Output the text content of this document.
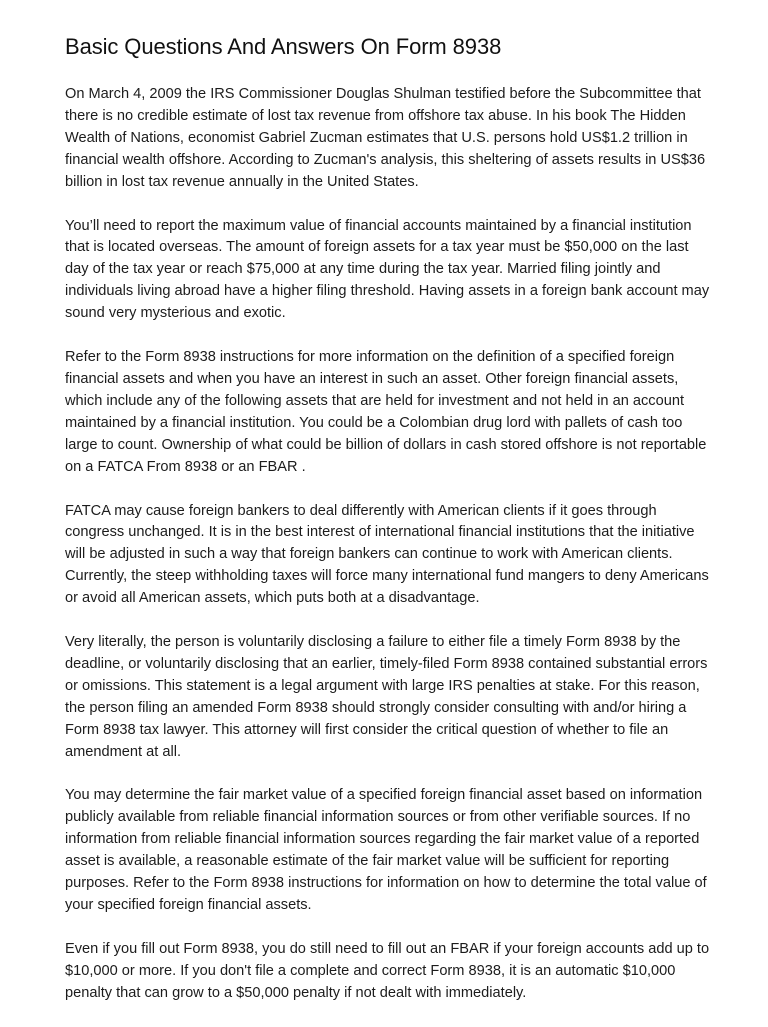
Basic Questions And Answers On Form 8938

On March 4, 2009 the IRS Commissioner Douglas Shulman testified before the Subcommittee that there is no credible estimate of lost tax revenue from offshore tax abuse. In his book The Hidden Wealth of Nations, economist Gabriel Zucman estimates that U.S. persons hold US$1.2 trillion in financial wealth offshore. According to Zucman's analysis, this sheltering of assets results in US$36 billion in lost tax revenue annually in the United States.

You’ll need to report the maximum value of financial accounts maintained by a financial institution that is located overseas. The amount of foreign assets for a tax year must be $50,000 on the last day of the tax year or reach $75,000 at any time during the tax year. Married filing jointly and individuals living abroad have a higher filing threshold. Having assets in a foreign bank account may sound very mysterious and exotic.

Refer to the Form 8938 instructions for more information on the definition of a specified foreign financial assets and when you have an interest in such an asset. Other foreign financial assets, which include any of the following assets that are held for investment and not held in an account maintained by a financial institution. You could be a Colombian drug lord with pallets of cash too large to count. Ownership of what could be billion of dollars in cash stored offshore is not reportable on a FATCA From 8938 or an FBAR .

FATCA may cause foreign bankers to deal differently with American clients if it goes through congress unchanged. It is in the best interest of international financial institutions that the initiative will be adjusted in such a way that foreign bankers can continue to work with American clients. Currently, the steep withholding taxes will force many international fund mangers to deny Americans or avoid all American assets, which puts both at a disadvantage.

Very literally, the person is voluntarily disclosing a failure to either file a timely Form 8938 by the deadline, or voluntarily disclosing that an earlier, timely-filed Form 8938 contained substantial errors or omissions. This statement is a legal argument with large IRS penalties at stake. For this reason, the person filing an amended Form 8938 should strongly consider consulting with and/or hiring a Form 8938 tax lawyer. This attorney will first consider the critical question of whether to file an amendment at all.

You may determine the fair market value of a specified foreign financial asset based on information publicly available from reliable financial information sources or from other verifiable sources. If no information from reliable financial information sources regarding the fair market value of a reported asset is available, a reasonable estimate of the fair market value will be sufficient for reporting purposes. Refer to the Form 8938 instructions for information on how to determine the total value of your specified foreign financial assets.

Even if you fill out Form 8938, you do still need to fill out an FBAR if your foreign accounts add up to $10,000 or more. If you don't file a complete and correct Form 8938, it is an automatic $10,000 penalty that can grow to a $50,000 penalty if not dealt with immediately.
